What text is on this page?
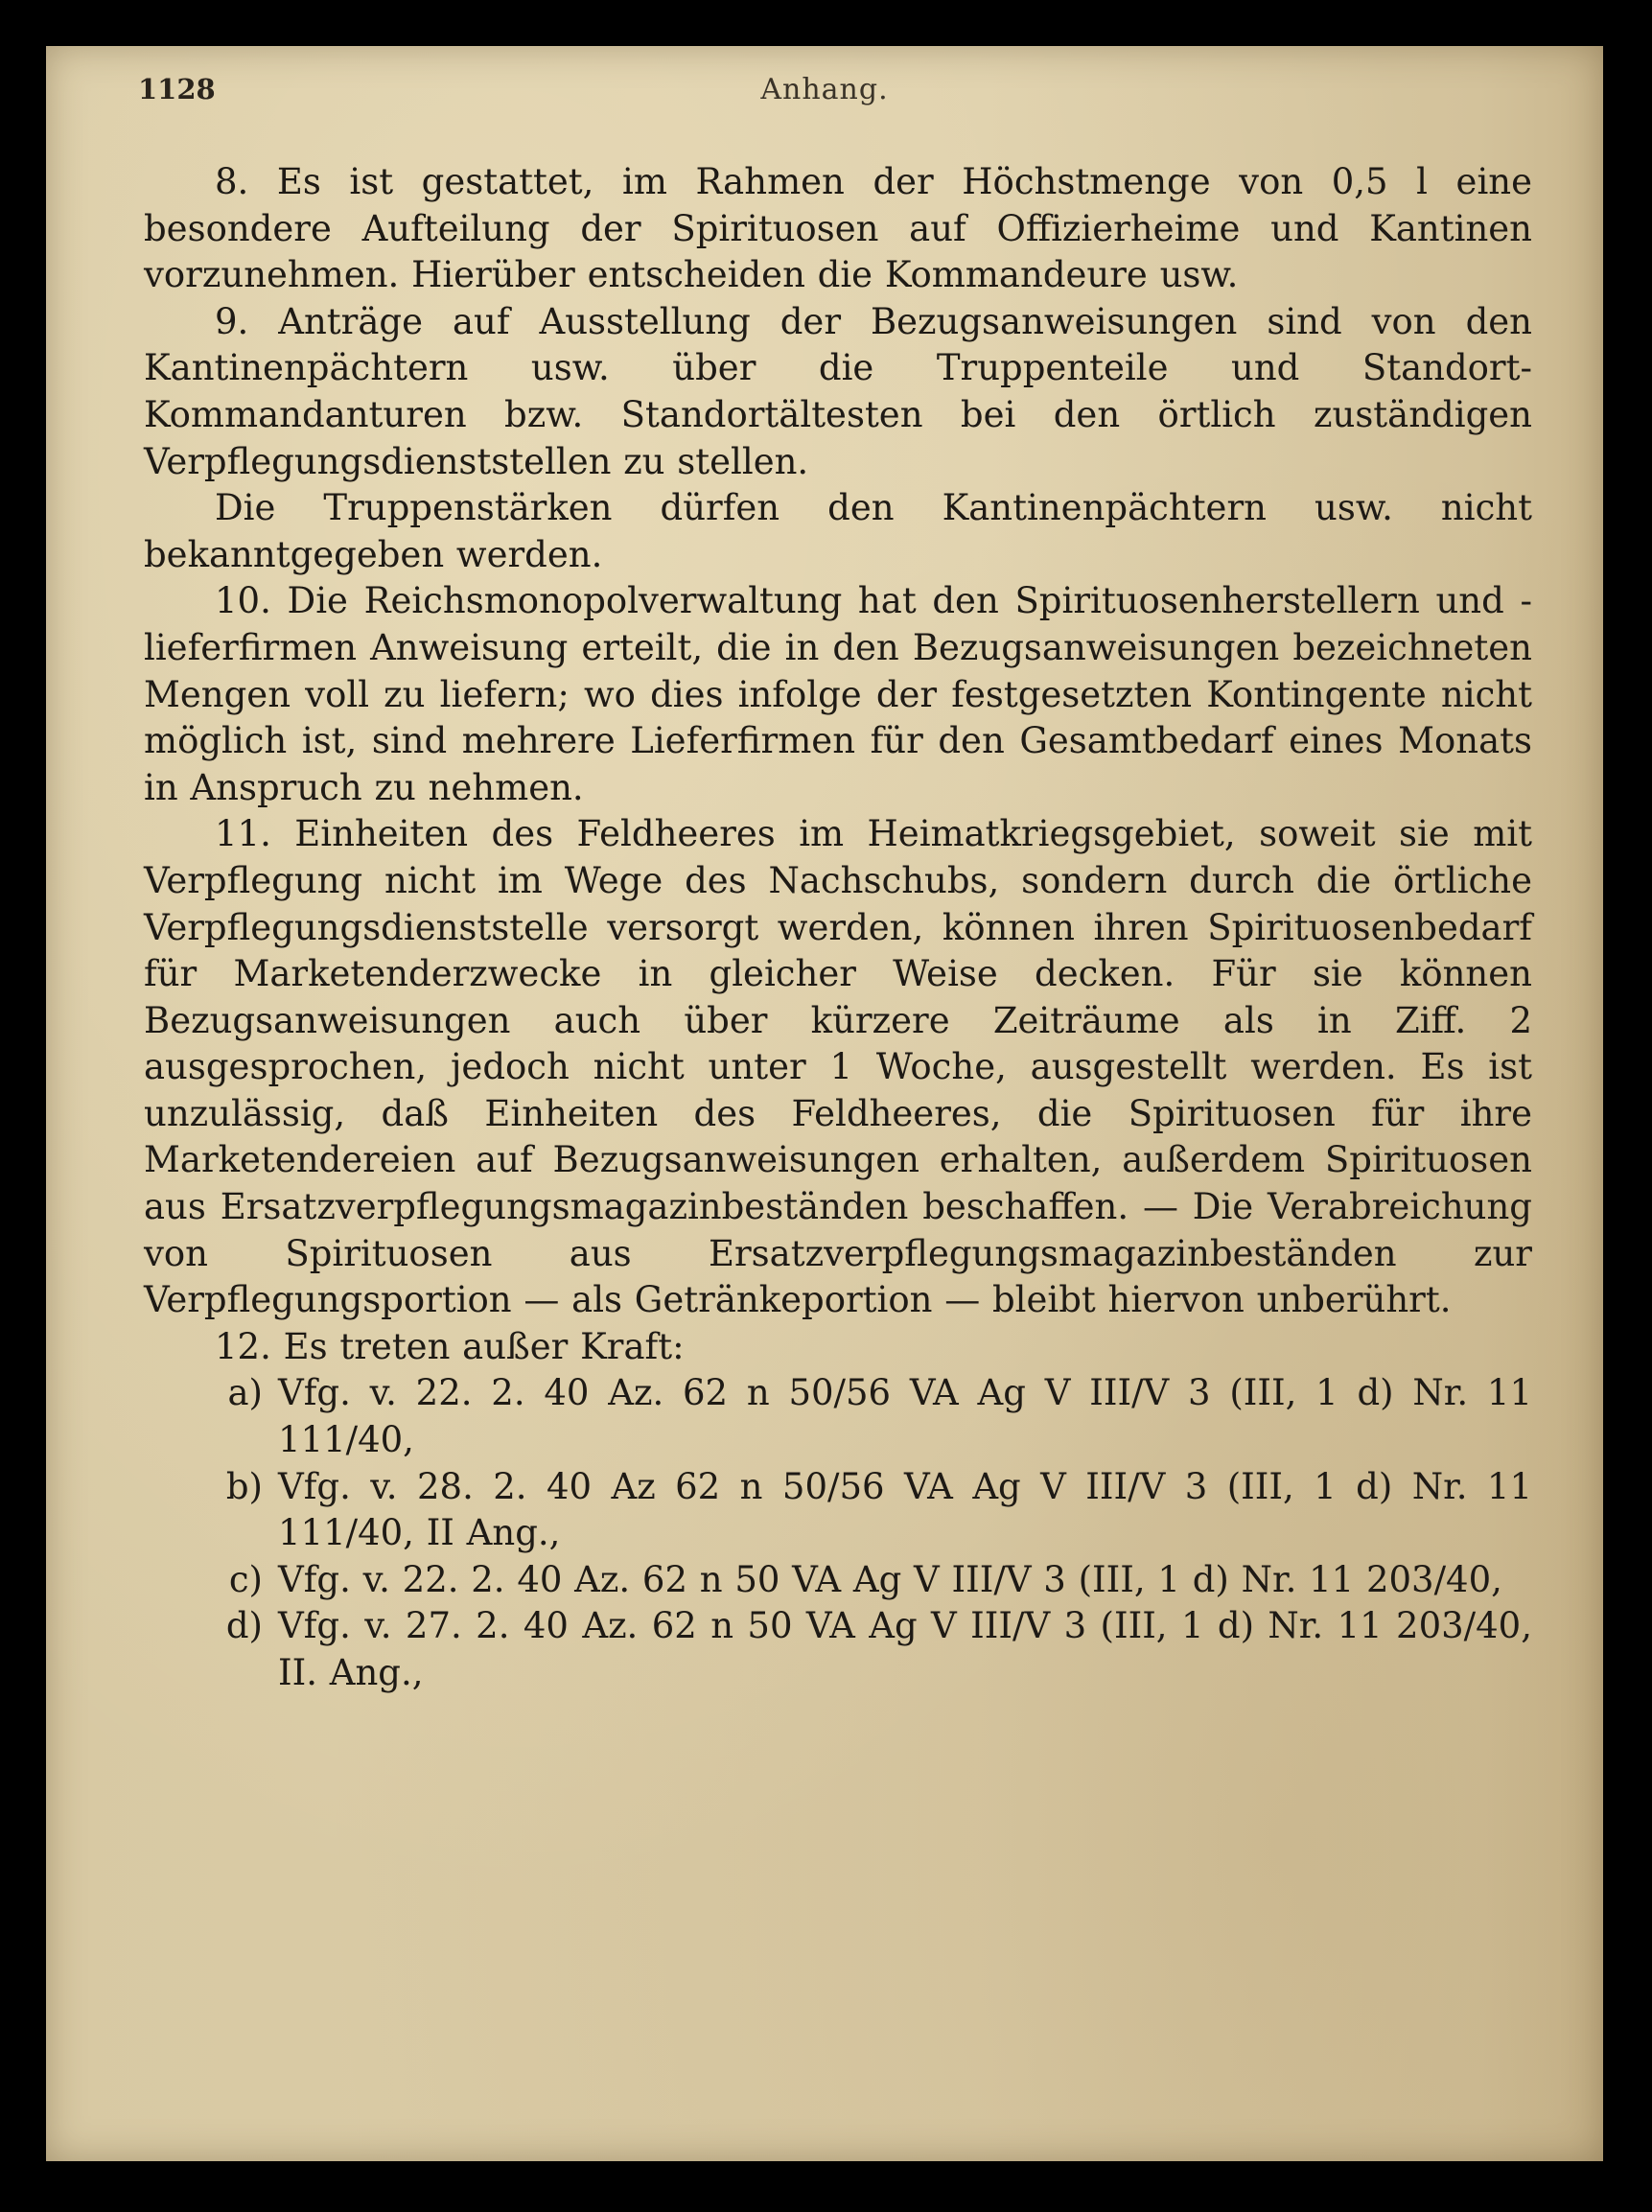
1128	Anhang.

8. Es ist gestattet, im Rahmen der Höchstmenge von 0,5 l eine besondere Aufteilung der Spirituosen auf Offizierheime und Kantinen vorzunehmen. Hierüber entscheiden die Kommandeure usw.

9. Anträge auf Ausstellung der Bezugsanweisungen sind von den Kantinenpächtern usw. über die Truppenteile und Standort-Kommandanturen bzw. Standortältesten bei den örtlich zuständigen Verpflegungsdienststellen zu stellen.

Die Truppenstärken dürfen den Kantinenpächtern usw. nicht bekanntgegeben werden.

10. Die Reichsmonopolverwaltung hat den Spirituosenherstellern und -lieferfirmen Anweisung erteilt, die in den Bezugsanweisungen bezeichneten Mengen voll zu liefern; wo dies infolge der festgesetzten Kontingente nicht möglich ist, sind mehrere Lieferfirmen für den Gesamtbedarf eines Monats in Anspruch zu nehmen.

11. Einheiten des Feldheeres im Heimatkriegsgebiet, soweit sie mit Verpflegung nicht im Wege des Nachschubs, sondern durch die örtliche Verpflegungsdienststelle versorgt werden, können ihren Spirituosenbedarf für Marketenderzwecke in gleicher Weise decken. Für sie können Bezugsanweisungen auch über kürzere Zeiträume als in Ziff. 2 ausgesprochen, jedoch nicht unter 1 Woche, ausgestellt werden. Es ist unzulässig, daß Einheiten des Feldheeres, die Spirituosen für ihre Marketendereien auf Bezugsanweisungen erhalten, außerdem Spirituosen aus Ersatzverpflegungsmagazinbeständen beschaffen. — Die Verabreichung von Spirituosen aus Ersatzverpflegungsmagazinbeständen zur Verpflegungsportion — als Getränkeportion — bleibt hiervon unberührt.

12. Es treten außer Kraft:

a) Vfg. v. 22. 2. 40 Az. 62 n 50/56 VA Ag V III/V 3 (III, 1 d) Nr. 11 111/40,
b) Vfg. v. 28. 2. 40 Az 62 n 50/56 VA Ag V III/V 3 (III, 1 d) Nr. 11 111/40, II Ang.,
c) Vfg. v. 22. 2. 40 Az. 62 n 50 VA Ag V III/V 3 (III, 1 d) Nr. 11 203/40,
d) Vfg. v. 27. 2. 40 Az. 62 n 50 VA Ag V III/V 3 (III, 1 d) Nr. 11 203/40, II. Ang.,
